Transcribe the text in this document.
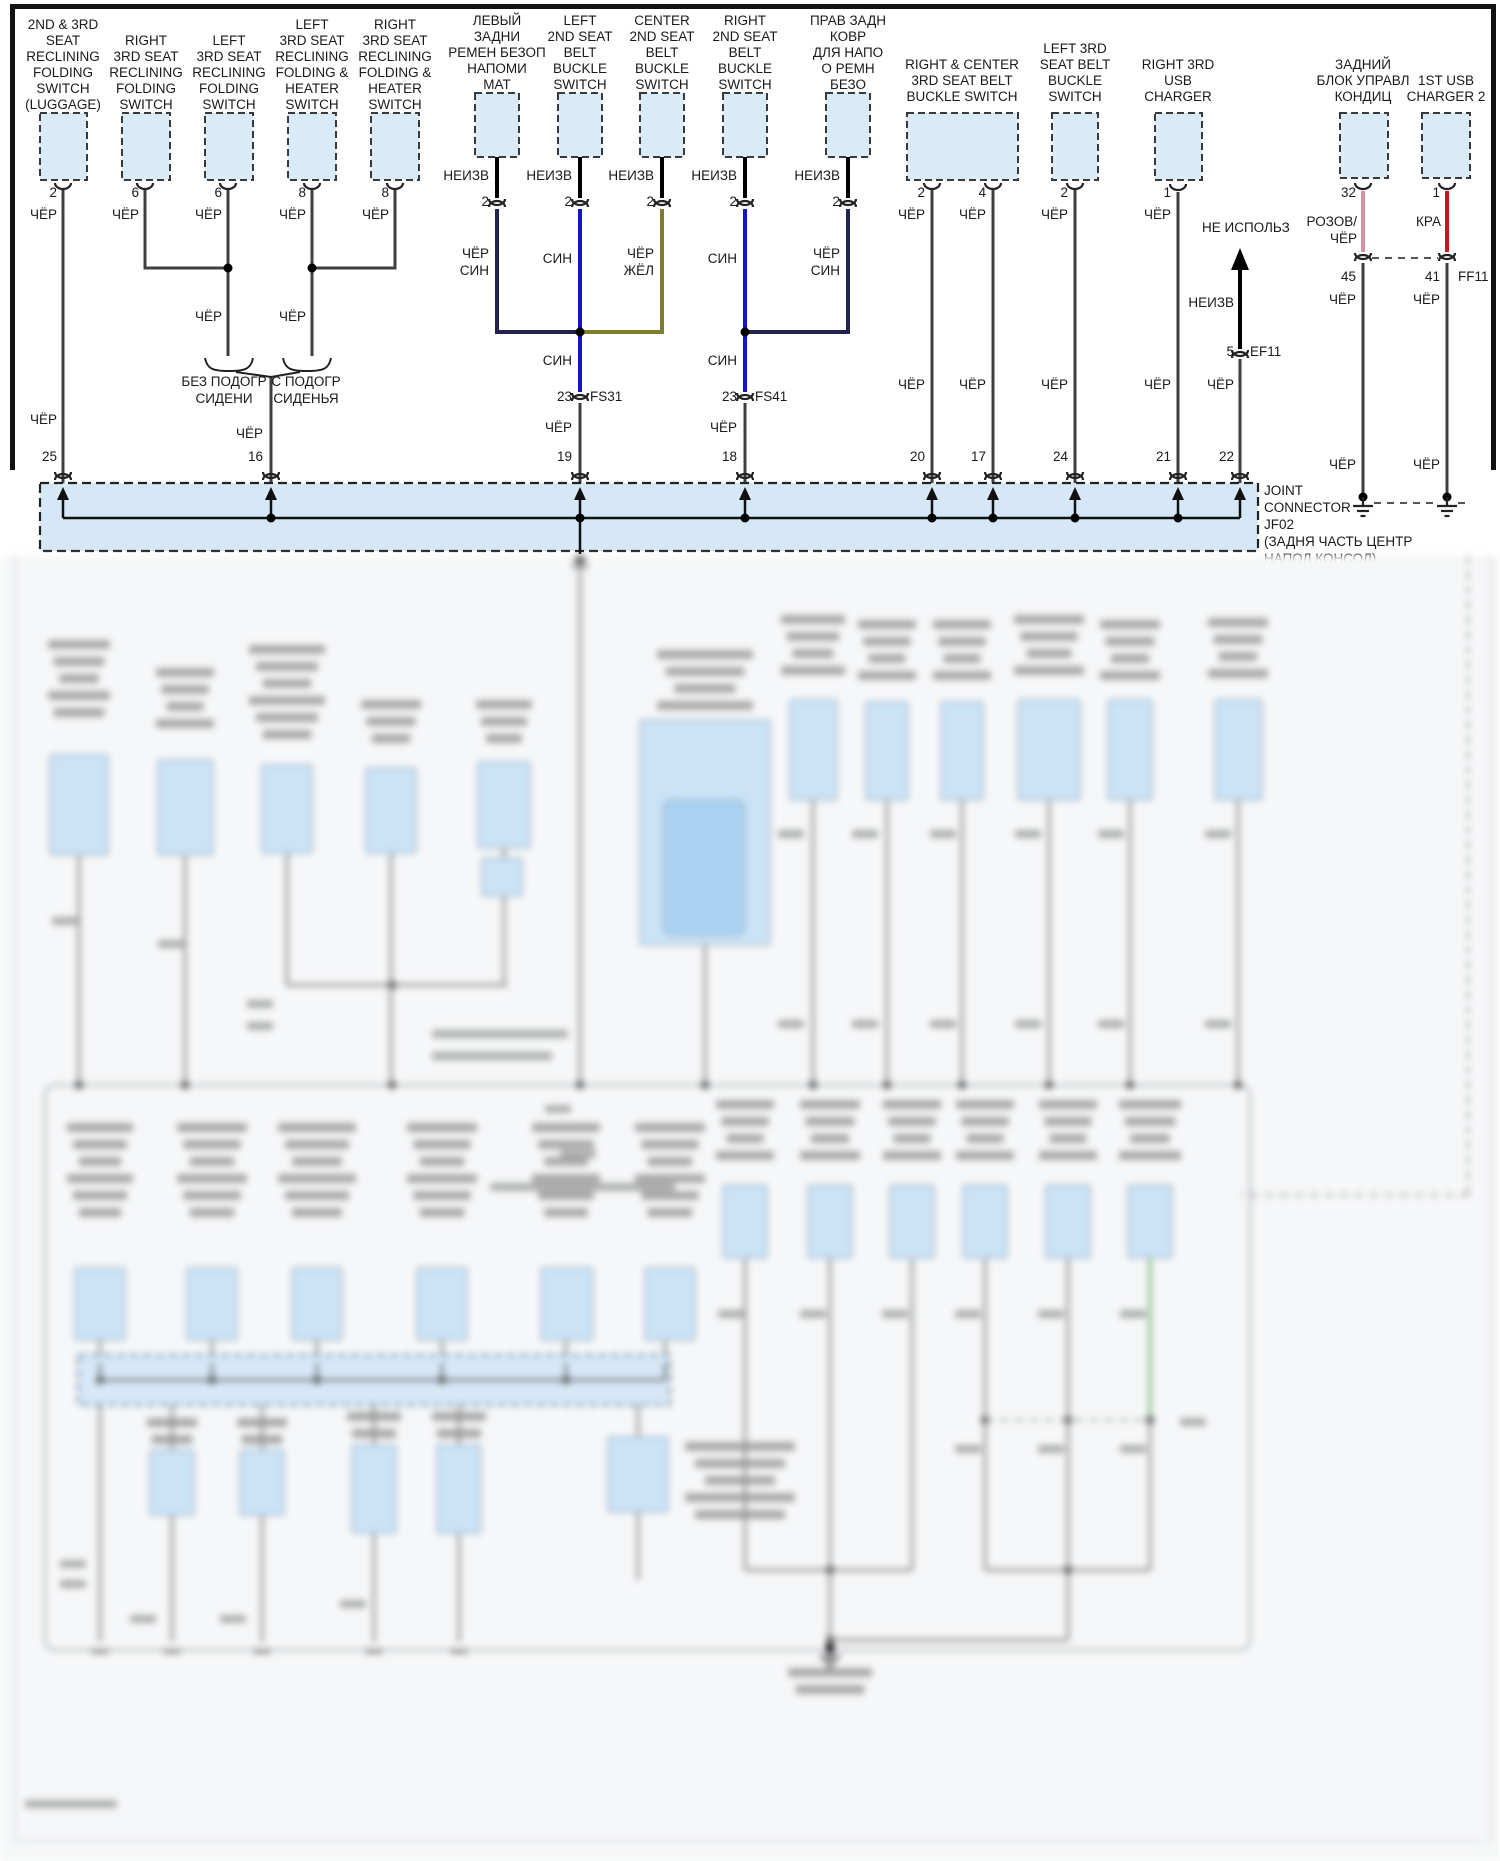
2ND & 3RD SEAT RECLINING FOLDING SWITCH (LUGGAGE)
RIGHT 3RD SEAT RECLINING FOLDING SWITCH
LEFT 3RD SEAT RECLINING FOLDING SWITCH
LEFT 3RD SEAT RECLINING FOLDING & HEATER SWITCH
RIGHT 3RD SEAT RECLINING FOLDING & HEATER SWITCH
ЛЕВЫЙ ЗАДНИ РЕМЕН БЕЗОП НАПОМИ МАТ
LEFT 2ND SEAT BELT BUCKLE SWITCH
CENTER 2ND SEAT BELT BUCKLE SWITCH
RIGHT 2ND SEAT BELT BUCKLE SWITCH
ПРАВ ЗАДН КОВР ДЛЯ НАПО О РЕМН БЕЗО
RIGHT & CENTER 3RD SEAT BELT BUCKLE SWITCH
LEFT 3RD SEAT BELT BUCKLE SWITCH
RIGHT 3RD USB CHARGER
ЗАДНИЙ БЛОК УПРАВЛ КОНДИЦ
1ST USB CHARGER 2
2	6	6	8	8
2	2	2	2	2
2	4	2	1	32	1
ЧЁР	ЧЁР	ЧЁР	ЧЁР	ЧЁР
НЕИЗВ	НЕИЗВ	НЕИЗВ	НЕИЗВ	НЕИЗВ
ЧЁР
СИН
СИН	ЧЁР
ЖЁЛ
СИН	ЧЁР
СИН
ЧЁР	ЧЁР	ЧЁР	ЧЁР
НЕ ИСПОЛЬЗ РОЗОВ/
ЧЁР
КРА
ЧЁР	ЧЁР
НЕИЗВ
45	41 FF11
ЧЁР	ЧЁР
СИН	СИН
5 EF11
БЕЗ ПОДОГР
СИДЕНИ
С ПОДОГР
СИДЕНЬЯ	23 FS31	23 FS41
ЧЁР
ЧЁР	ЧЁР	ЧЁР
ЧЁР	ЧЁР	ЧЁР	ЧЁР	ЧЁР
ЧЁР	ЧЁР
25	16	19	18	20	17	24	21	22
JOINT CONNECTOR JF02 (ЗАДНЯ ЧАСТЬ ЦЕНТР
